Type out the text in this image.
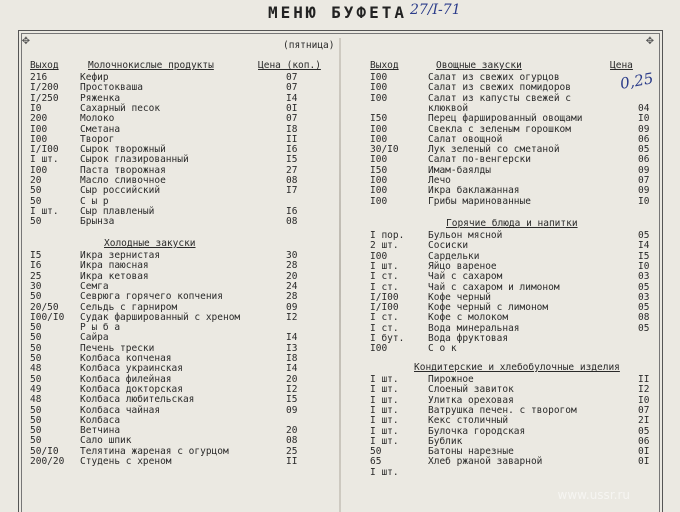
✥	✥
МЕНЮ БУФЕТА 27/I-71
0,25
(пятница)
Выход	Молочнокислые продукты	Цена (коп.)	Выход	Овощные закуски	Цена
Холодные закуски
Горячие блюда и напитки
Кондитерские и хлебобулочные изделия
216	Кефир	07
I/200 Простокваша	07
I/250 Ряженка	I4
I0	Сахарный песок	0I
200	Молоко	07
I00	Сметана	I8
I00	Творог	II
I/I00 Сырок творожный	I6
I шт. Сырок глазированный	I5
I00	Паста творожная	27
20	Масло сливочное	08
50	Сыр российский	I7
50	С ы р
I шт. Сыр плавленый	I6
50	Брынза	08
I5	Икра зернистая	30
I6	Икра паюсная	28
25	Икра кетовая	20
30	Семга	24
50	Севрюга горячего копчения	28
20/50 Сельдь с гарниром	09
I00/I0 Судак фаршированный с хреном	I2
50	Р ы б а
50	Сайра	I4
50	Печень трески	I3
50	Колбаса копченая	I8
48	Колбаса украинская	I4
50	Колбаса филейная	20
49	Колбаса докторская	I2
48	Колбаса любительская	I5
50	Колбаса чайная	09
50	Колбаса
50	Ветчина	20
50	Сало шпик	08
50/I0 Телятина жареная с огурцом	25
200/20 Студень с хреном	II
I00	Салат из свежих огурцов
I00	Салат из свежих помидоров
I00	Салат из капусты свежей с
клюквой	04
I50	Перец фаршированный овощами	I0
I00	Свекла с зеленым горошком	09
I00	Салат овощной	06
30/I0	Лук зеленый со сметаной	05
I00	Салат по-венгерски	06
I50	Имам-баялды	09
I00	Лечо	07
I00	Икра баклажанная	09
I00	Грибы маринованные	I0
I пор. Бульон мясной	05
2 шт.	Сосиски	I4
I00	Сардельки	I5
I шт.	Яйцо вареное	I0
I ст.	Чай с сахаром	03
I ст.	Чай с сахаром и лимоном	05
I/I00	Кофе черный	03
I/I00	Кофе черный с лимоном	05
I ст.	Кофе с молоком	08
I ст.	Вода минеральная	05
I бут. Вода фруктовая
I00	С о к
I шт.	Пирожное	II
I шт.	Слоеный завиток	I2
I шт.	Улитка ореховая	I0
I шт.	Ватрушка печен. с творогом	07
I шт.	Кекс столичный	2I
I шт.	Булочка городская	05
I шт.	Бублик	06
50	Батоны нарезные	0I
65	Хлеб ржаной заварной	0I
I шт.
www.ussr.ru
